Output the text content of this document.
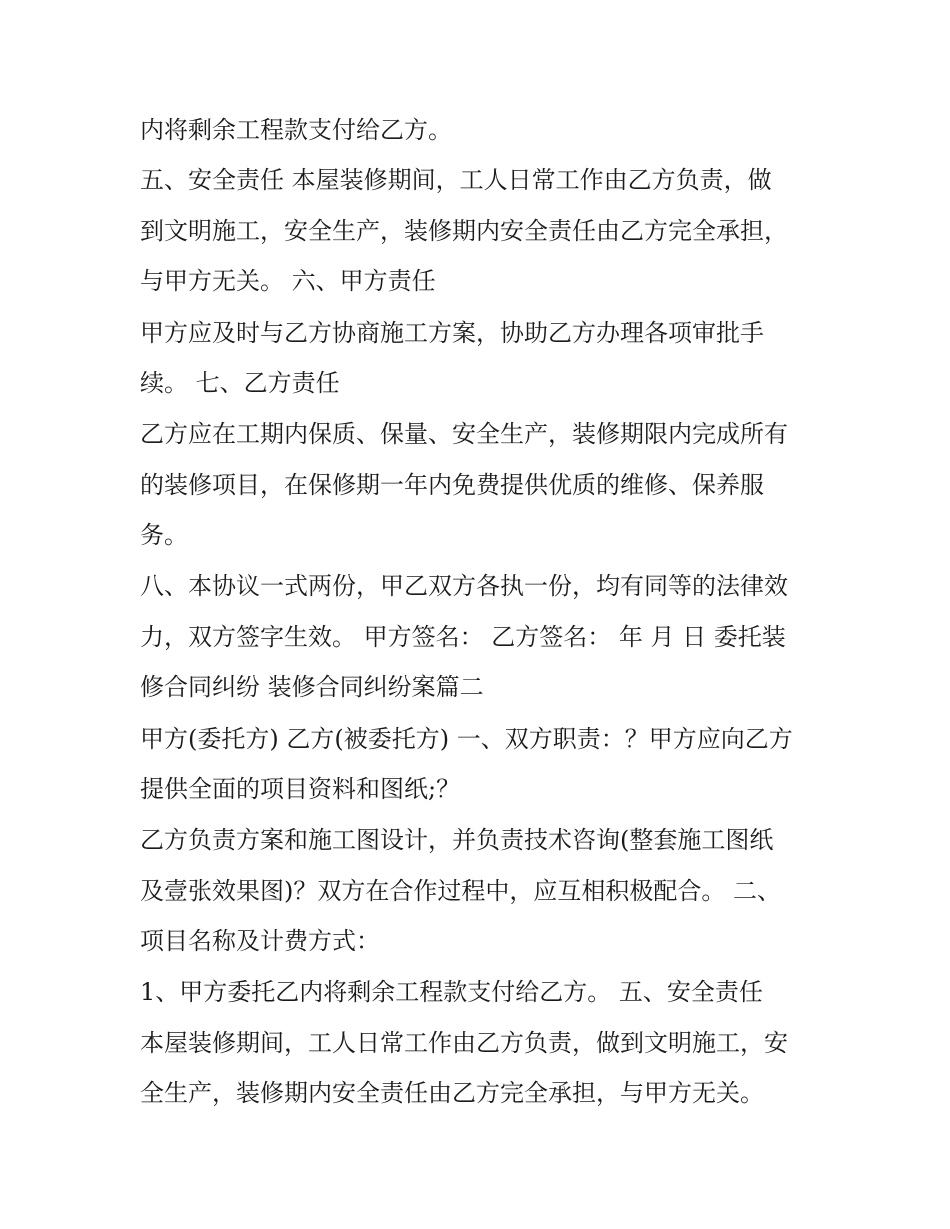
内将剩余工程款支付给乙方。
五、安全责任 本屋装修期间，工人日常工作由乙方负责，做
到文明施工，安全生产，装修期内安全责任由乙方完全承担，
与甲方无关。 六、甲方责任
甲方应及时与乙方协商施工方案，协助乙方办理各项审批手
续。 七、乙方责任
乙方应在工期内保质、保量、安全生产，装修期限内完成所有
的装修项目，在保修期一年内免费提供优质的维修、保养服
务。
八、本协议一式两份，甲乙双方各执一份，均有同等的法律效
力，双方签字生效。 甲方签名： 乙方签名： 年 月 日 委托装
修合同纠纷 装修合同纠纷案篇二
甲方(委托方) 乙方(被委托方) 一、双方职责：？甲方应向乙方
提供全面的项目资料和图纸;？
乙方负责方案和施工图设计，并负责技术咨询(整套施工图纸
及壹张效果图)？双方在合作过程中，应互相积极配合。 二、
项目名称及计费方式：
1、甲方委托乙内将剩余工程款支付给乙方。 五、安全责任
本屋装修期间，工人日常工作由乙方负责，做到文明施工，安
全生产，装修期内安全责任由乙方完全承担，与甲方无关。
